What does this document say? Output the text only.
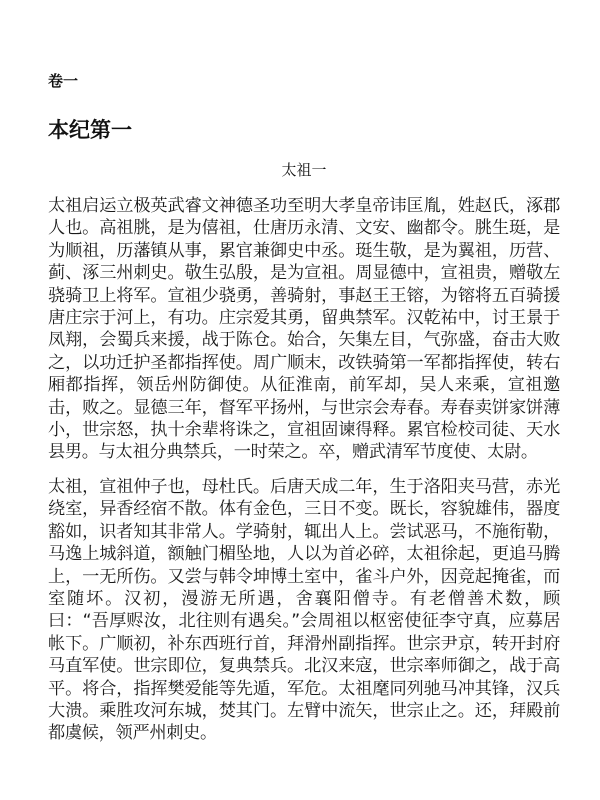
卷一
本纪第一
太祖一

太祖启运立极英武睿文神德圣功至明大孝皇帝讳匡胤，姓赵氏，涿郡人也。高祖朓，是为僖祖，仕唐历永清、文安、幽都令。朓生珽，是为顺祖，历藩镇从事，累官兼御史中丞。珽生敬，是为翼祖，历营、蓟、涿三州刺史。敬生弘殷，是为宣祖。周显德中，宣祖贵，赠敬左骁骑卫上将军。宣祖少骁勇，善骑射，事赵王王镕，为镕将五百骑援唐庄宗于河上，有功。庄宗爱其勇，留典禁军。汉乾祐中，讨王景于凤翔，会蜀兵来援，战于陈仓。始合，矢集左目，气弥盛，奋击大败之，以功迁护圣都指挥使。周广顺末，改铁骑第一军都指挥使，转右厢都指挥，领岳州防御使。从征淮南，前军却，吴人来乘，宣祖邀击，败之。显德三年，督军平扬州，与世宗会寿春。寿春卖饼家饼薄小，世宗怒，执十余辈将诛之，宣祖固谏得释。累官检校司徒、天水县男。与太祖分典禁兵，一时荣之。卒，赠武清军节度使、太尉。

太祖，宣祖仲子也，母杜氏。后唐天成二年，生于洛阳夹马营，赤光绕室，异香经宿不散。体有金色，三日不变。既长，容貌雄伟，器度豁如，识者知其非常人。学骑射，辄出人上。尝试恶马，不施衔勒，马逸上城斜道，额触门楣坠地，人以为首必碎，太祖徐起，更追马腾上，一无所伤。又尝与韩令坤博土室中，雀斗户外，因竞起掩雀，而室随坏。汉初，漫游无所遇，舍襄阳僧寺。有老僧善术数，顾曰：“吾厚赆汝，北往则有遇矣。”会周祖以枢密使征李守真，应募居帐下。广顺初，补东西班行首，拜滑州副指挥。世宗尹京，转开封府马直军使。世宗即位，复典禁兵。北汉来寇，世宗率师御之，战于高平。将合，指挥樊爱能等先遁，军危。太祖麾同列驰马冲其锋，汉兵大溃。乘胜攻河东城，焚其门。左臂中流矢，世宗止之。还，拜殿前都虞候，领严州刺史。
